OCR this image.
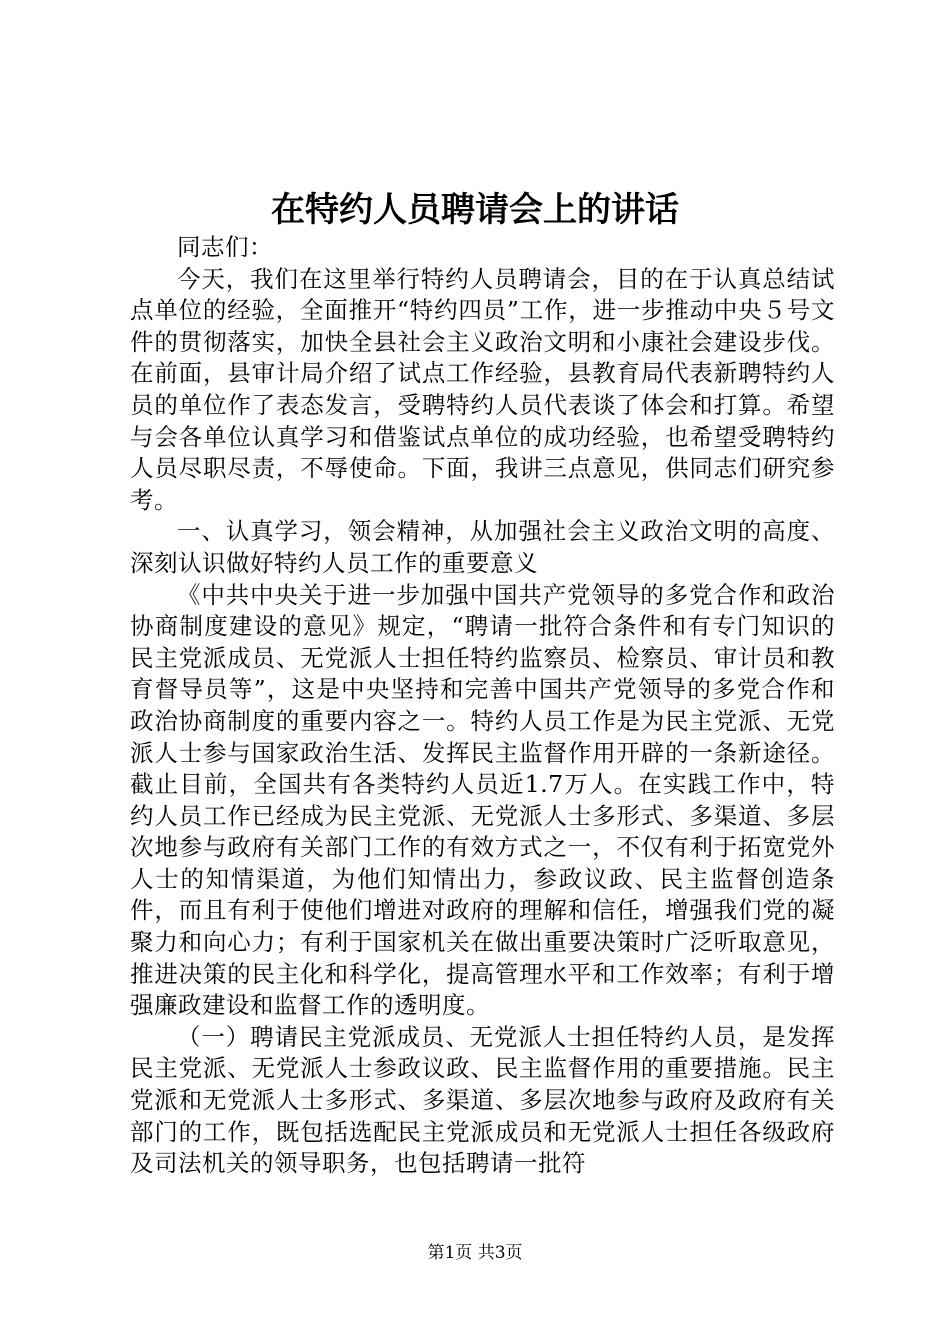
在特约人员聘请会上的讲话

同志们：

今天，我们在这里举行特约人员聘请会，目的在于认真总结试点单位的经验，全面推开“特约四员”工作，进一步推动中央５号文件的贯彻落实，加快全县社会主义政治文明和小康社会建设步伐。在前面，县审计局介绍了试点工作经验，县教育局代表新聘特约人员的单位作了表态发言，受聘特约人员代表谈了体会和打算。希望与会各单位认真学习和借鉴试点单位的成功经验，也希望受聘特约人员尽职尽责，不辱使命。下面，我讲三点意见，供同志们研究参考。

一、认真学习，领会精神，从加强社会主义政治文明的高度、深刻认识做好特约人员工作的重要意义

《中共中央关于进一步加强中国共产党领导的多党合作和政治协商制度建设的意见》规定，“聘请一批符合条件和有专门知识的民主党派成员、无党派人士担任特约监察员、检察员、审计员和教育督导员等”，这是中央坚持和完善中国共产党领导的多党合作和政治协商制度的重要内容之一。特约人员工作是为民主党派、无党派人士参与国家政治生活、发挥民主监督作用开辟的一条新途径。截止目前，全国共有各类特约人员近1.7万人。在实践工作中，特约人员工作已经成为民主党派、无党派人士多形式、多渠道、多层次地参与政府有关部门工作的有效方式之一，不仅有利于拓宽党外人士的知情渠道，为他们知情出力，参政议政、民主监督创造条件，而且有利于使他们增进对政府的理解和信任，增强我们党的凝聚力和向心力；有利于国家机关在做出重要决策时广泛听取意见，推进决策的民主化和科学化，提高管理水平和工作效率；有利于增强廉政建设和监督工作的透明度。

（一）聘请民主党派成员、无党派人士担任特约人员，是发挥民主党派、无党派人士参政议政、民主监督作用的重要措施。民主党派和无党派人士多形式、多渠道、多层次地参与政府及政府有关部门的工作，既包括选配民主党派成员和无党派人士担任各级政府及司法机关的领导职务，也包括聘请一批符

第1页 共3页
